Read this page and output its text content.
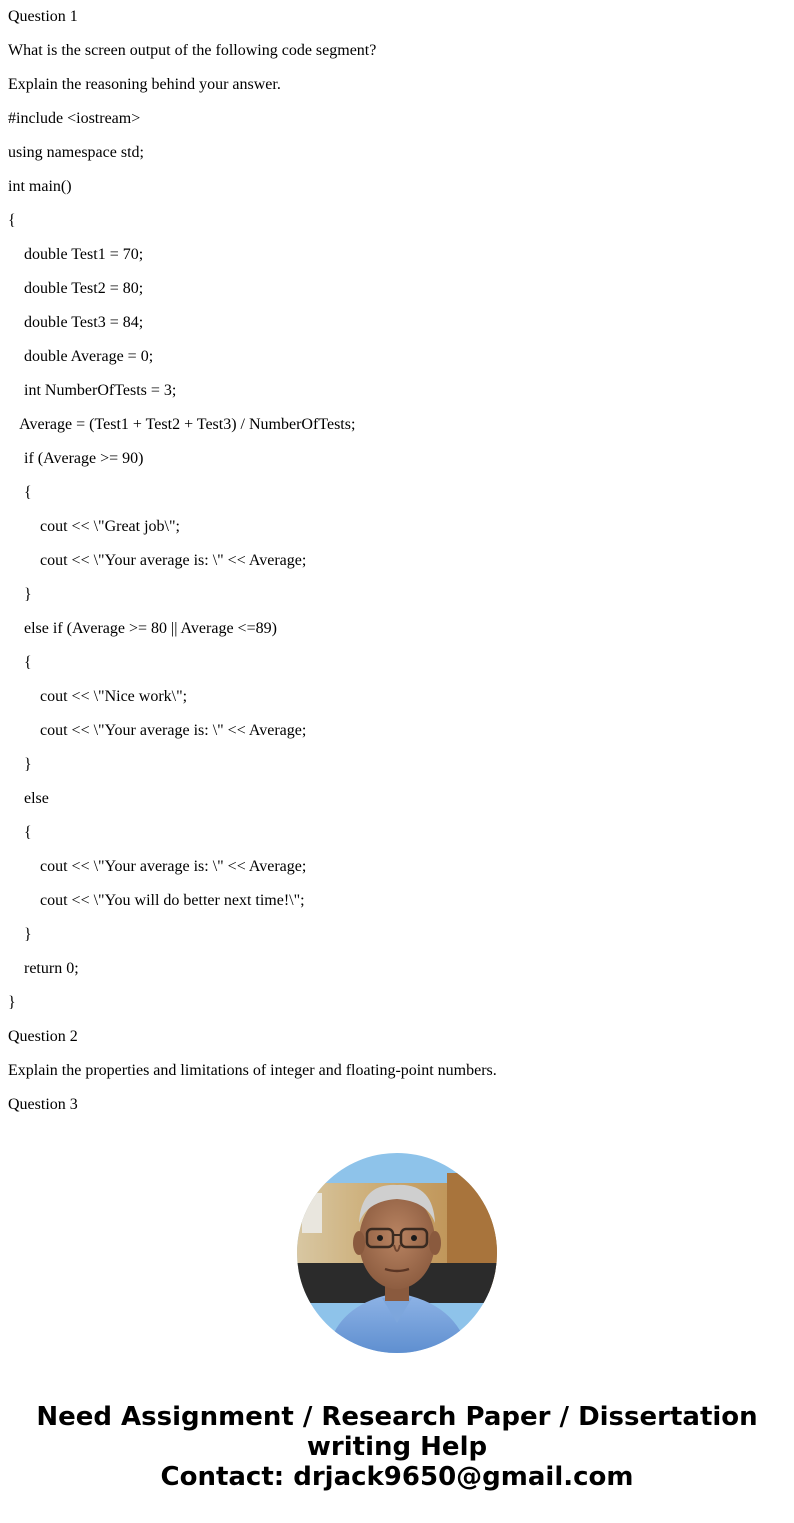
Question 1

What is the screen output of the following code segment?

Explain the reasoning behind your answer.

#include <iostream>

using namespace std;

int main()

{

double Test1 = 70;

double Test2 = 80;

double Test3 = 84;

double Average = 0;

int NumberOfTests = 3;

Average = (Test1 + Test2 + Test3) / NumberOfTests;

if (Average >= 90)

{

cout << \"Great job\";

cout << \"Your average is: \" << Average;

}

else if (Average >= 80 || Average <=89)

{

cout << \"Nice work\";

cout << \"Your average is: \" << Average;

}

else

{

cout << \"Your average is: \" << Average;

cout << \"You will do better next time!\";

}

return 0;

}

Question 2

Explain the properties and limitations of integer and floating-point numbers.

Question 3

Need Assignment / Research Paper / Dissertation
writing Help
Contact: drjack9650@gmail.com
